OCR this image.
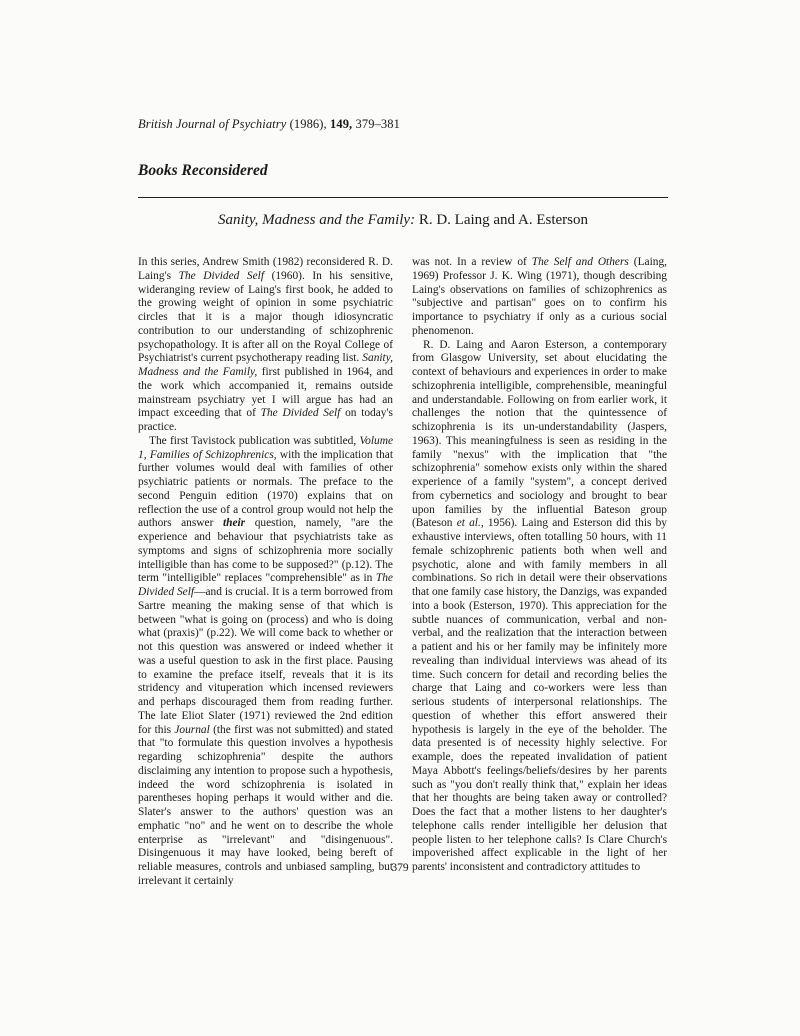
British Journal of Psychiatry (1986), 149, 379–381
Books Reconsidered
Sanity, Madness and the Family: R. D. Laing and A. Esterson

In this series, Andrew Smith (1982) reconsidered R. D. Laing's The Divided Self (1960). In his sensitive, wideranging review of Laing's first book, he added to the growing weight of opinion in some psychiatric circles that it is a major though idiosyncratic contribution to our understanding of schizophrenic psychopathology. It is after all on the Royal College of Psychiatrist's current psychotherapy reading list. Sanity, Madness and the Family, first published in 1964, and the work which accompanied it, remains outside mainstream psychiatry yet I will argue has had an impact exceeding that of The Divided Self on today's practice.

The first Tavistock publication was subtitled, Volume 1, Families of Schizophrenics, with the implication that further volumes would deal with families of other psychiatric patients or normals. The preface to the second Penguin edition (1970) explains that on reflection the use of a control group would not help the authors answer their question, namely, "are the experience and behaviour that psychiatrists take as symptoms and signs of schizophrenia more socially intelligible than has come to be supposed?" (p.12). The term "intelligible" replaces "comprehensible" as in The Divided Self—and is crucial. It is a term borrowed from Sartre meaning the making sense of that which is between "what is going on (process) and who is doing what (praxis)" (p.22). We will come back to whether or not this question was answered or indeed whether it was a useful question to ask in the first place. Pausing to examine the preface itself, reveals that it is its stridency and vituperation which incensed reviewers and perhaps discouraged them from reading further. The late Eliot Slater (1971) reviewed the 2nd edition for this Journal (the first was not submitted) and stated that "to formulate this question involves a hypothesis regarding schizophrenia" despite the authors disclaiming any intention to propose such a hypothesis, indeed the word schizophrenia is isolated in parentheses hoping perhaps it would wither and die. Slater's answer to the authors' question was an emphatic "no" and he went on to describe the whole enterprise as "irrelevant" and "disingenuous". Disingenuous it may have looked, being bereft of reliable measures, controls and unbiased sampling, but irrelevant it certainly

was not. In a review of The Self and Others (Laing, 1969) Professor J. K. Wing (1971), though describing Laing's observations on families of schizophrenics as "subjective and partisan" goes on to confirm his importance to psychiatry if only as a curious social phenomenon.

R. D. Laing and Aaron Esterson, a contemporary from Glasgow University, set about elucidating the context of behaviours and experiences in order to make schizophrenia intelligible, comprehensible, meaningful and understandable. Following on from earlier work, it challenges the notion that the quintessence of schizophrenia is its un-understandability (Jaspers, 1963). This meaningfulness is seen as residing in the family "nexus" with the implication that "the schizophrenia" somehow exists only within the shared experience of a family "system", a concept derived from cybernetics and sociology and brought to bear upon families by the influential Bateson group (Bateson et al., 1956). Laing and Esterson did this by exhaustive interviews, often totalling 50 hours, with 11 female schizophrenic patients both when well and psychotic, alone and with family members in all combinations. So rich in detail were their observations that one family case history, the Danzigs, was expanded into a book (Esterson, 1970). This appreciation for the subtle nuances of communication, verbal and non-verbal, and the realization that the interaction between a patient and his or her family may be infinitely more revealing than individual interviews was ahead of its time. Such concern for detail and recording belies the charge that Laing and co-workers were less than serious students of interpersonal relationships. The question of whether this effort answered their hypothesis is largely in the eye of the beholder. The data presented is of necessity highly selective. For example, does the repeated invalidation of patient Maya Abbott's feelings/beliefs/desires by her parents such as "you don't really think that," explain her ideas that her thoughts are being taken away or controlled? Does the fact that a mother listens to her daughter's telephone calls render intelligible her delusion that people listen to her telephone calls? Is Clare Church's impoverished affect explicable in the light of her parents' inconsistent and contradictory attitudes to

379
